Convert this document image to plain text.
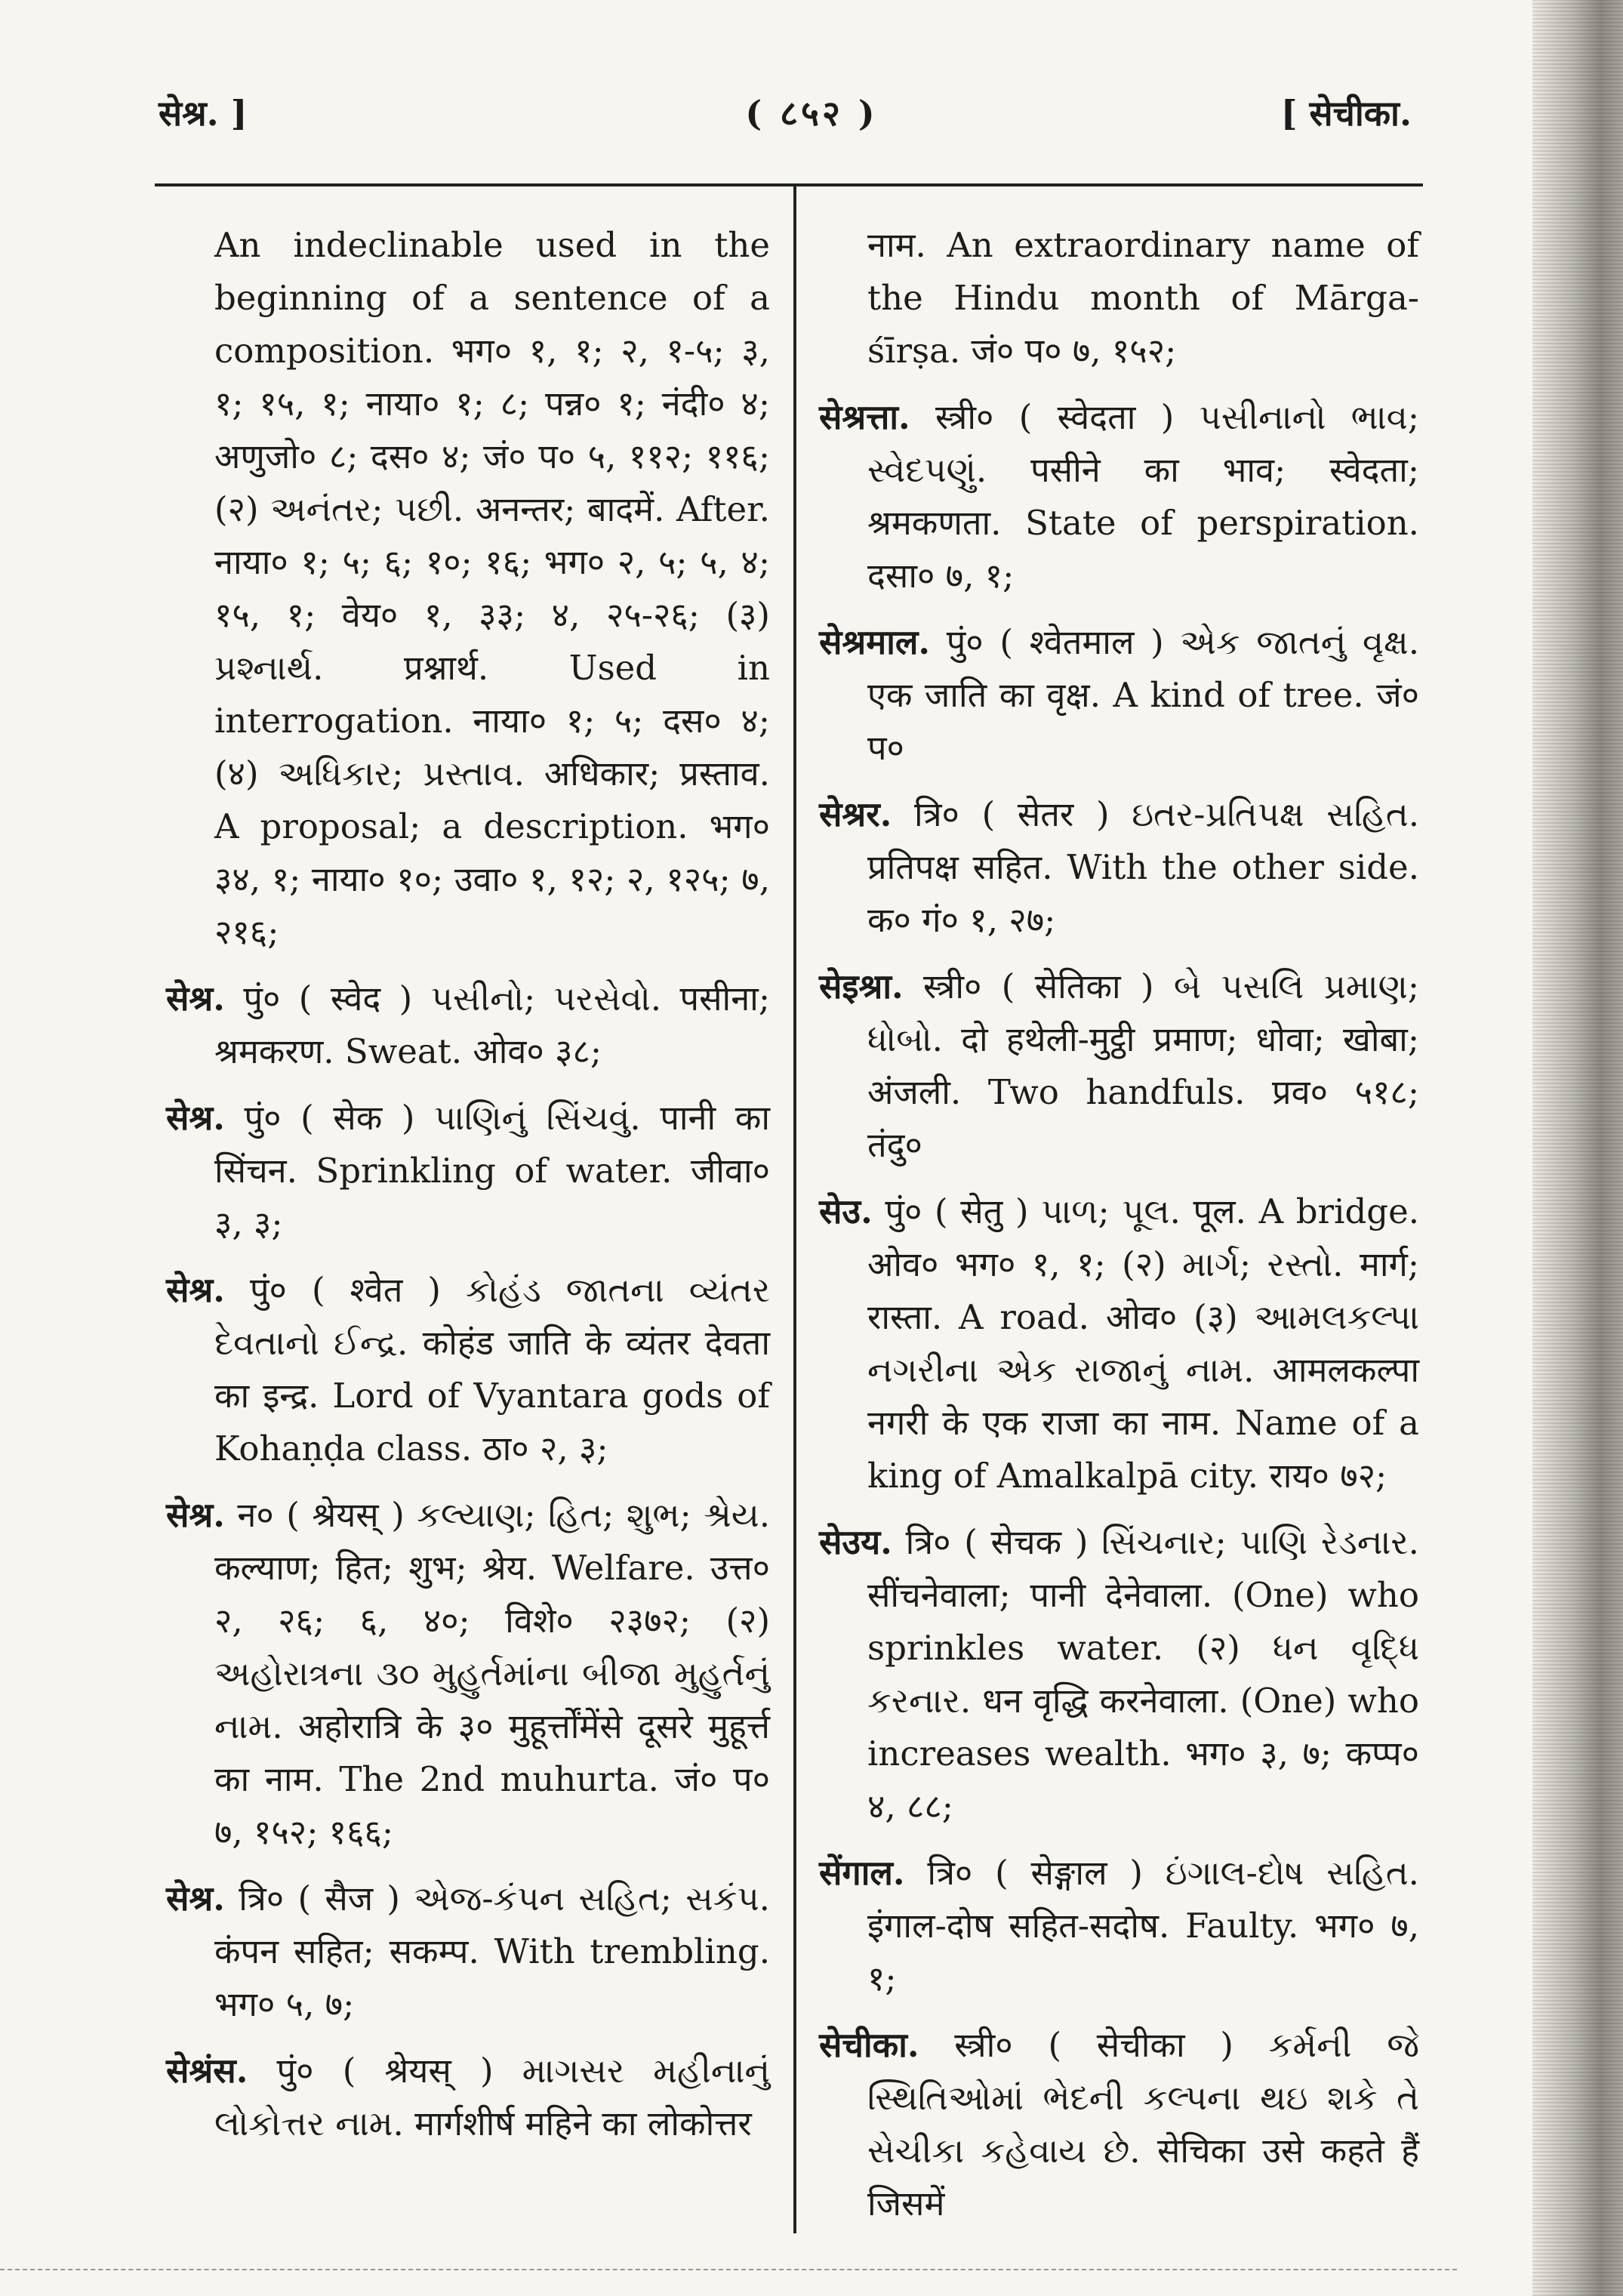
सेश्र. ]	( ८५२ )	[ सेचीका.

An indeclinable used in the beginning of a sentence of a composition. भग० १, १; २, १-५; ३, १; १५, १; नाया० १; ८; पन्न० १; नंदी० ४; अणुजो० ८; दस० ४; जं० प० ५, ११२; ११६; (२) અનંતર; પછી. अनन्तर; बादमें. After. नाया० १; ५; ६; १०; १६; भग० २, ५; ५, ४; १५, १; वेय० १, ३३; ४, २५-२६; (३) પ્રશ્નાર્થ. प्रश्नार्थ. Used in interrogation. नाया० १; ५; दस० ४; (४) અધિકાર; પ્રસ્તાવ. अधिकार; प्रस्ताव. A proposal; a description. भग० ३४, १; नाया० १०; उवा० १, १२; २, १२५; ७, २१६;

सेश्र. पुं० ( स्वेद ) પસીનો; પરસેવો. पसीना; श्रमकरण. Sweat. ओव० ३८;

सेश्र. पुं० ( सेक ) પાણિનું સિંચવું. पानी का सिंचन. Sprinkling of water. जीवा० ३, ३;

सेश्र. पुं० ( श्वेत ) કોહંડ જાતના વ્યંતર દેવતાનો ઈન્દ્ર. कोहंड जाति के व्यंतर देवता का इन्द्र. Lord of Vyantara gods of Kohaṇḍa class. ठा० २, ३;

सेश्र. न० ( श्रेयस् ) કલ્યાણ; હિત; શુભ; શ્રેય. कल्याण; हित; शुभ; श्रेय. Welfare. उत्त० २, २६; ६, ४०; विशे० २३७२; (२) અહોરાત્રના ૩૦ મુહુર્તમાંના બીજા મુહુર્તનું નામ. अहोरात्रि के ३० मुहूर्त्तोंमेंसे दूसरे मुहूर्त्त का नाम. The 2nd muhurta. जं० प० ७, १५२; १६६;

सेश्र. त्रि० ( सैज ) એજ-કંપન સહિત; સકંપ. कंपन सहित; सकम्प. With trembling. भग० ५, ७;

सेश्रंस. पुं० ( श्रेयस् ) માગસર મહીનાનું લોકોત્તર નામ. मार्गशीर्ष महिने का लोकोत्तर

नाम. An extraordinary name of the Hindu month of Mārga-śīrṣa. जं० प० ७, १५२;

सेश्रत्ता. स्त्री० ( स्वेदता ) પસીનાનો ભાવ; સ્વેદપણું. पसीने का भाव; स्वेदता; श्रमकणता. State of perspiration. दसा० ७, १;

सेश्रमाल. पुं० ( श्वेतमाल ) એક જાતનું વૃક્ષ. एक जाति का वृक्ष. A kind of tree. जं० प०

सेश्रर. त्रि० ( सेतर ) ઇતર-પ્રતિપક્ષ સહિત. प्रतिपक्ष सहित. With the other side. क० गं० १, २७;

सेइश्रा. स्त्री० ( सेतिका ) બે પસલિ પ્રમાણ; ધોબો. दो हथेली-मुट्ठी प्रमाण; धोवा; खोबा; अंजली. Two handfuls. प्रव० ५१८; तंदु०

सेउ. पुं० ( सेतु ) પાળ; પૂલ. पूल. A bridge. ओव० भग० १, १; (२) માર્ગ; રસ્તો. मार्ग; रास्ता. A road. ओव० (३) આમલકલ્પા નગરીના એક રાજાનું નામ. आमलकल्पा नगरी के एक राजा का नाम. Name of a king of Amalkalpā city. राय० ७२;

सेउय. त्रि० ( सेचक ) સિંચનાર; પાણિ રેડનાર. सींचनेवाला; पानी देनेवाला. (One) who sprinkles water. (२) ધન વૃદ્ધિ કરનાર. धन वृद्धि करनेवाला. (One) who increases wealth. भग० ३, ७; कप्प० ४, ८८;

सेंगाल. त्रि० ( सेङ्गाल ) ઇંગાલ-દોષ સહિત. इंगाल-दोष सहित-सदोष. Faulty. भग० ७, १;

सेचीका. स्त्री० ( सेचीका ) કર્મની જે સ્થિતિઓમાં ભેદની કલ્પના થઇ શકે તે સેચીકા કહેવાય છે. सेचिका उसे कहते हैं जिसमें
